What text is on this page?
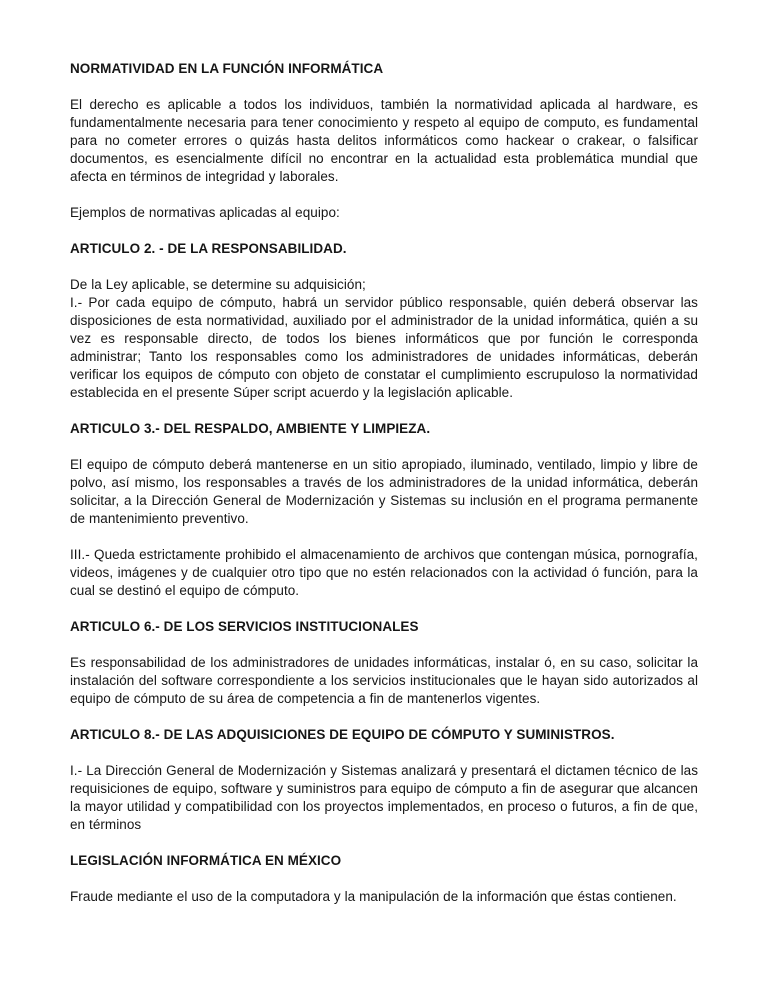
NORMATIVIDAD EN LA FUNCIÓN INFORMÁTICA

El derecho es aplicable a todos los individuos, también la normatividad aplicada al hardware, es fundamentalmente necesaria para tener conocimiento y respeto al equipo de computo, es fundamental para no cometer errores o quizás hasta delitos informáticos como hackear o crakear, o falsificar documentos, es esencialmente difícil no encontrar en la actualidad esta problemática mundial que afecta en términos de integridad y laborales.

Ejemplos de normativas aplicadas al equipo:

ARTICULO 2. - DE LA RESPONSABILIDAD.

De la Ley aplicable, se determine su adquisición;

I.- Por cada equipo de cómputo, habrá un servidor público responsable, quién deberá observar las disposiciones de esta normatividad, auxiliado por el administrador de la unidad informática, quién a su vez es responsable directo, de todos los bienes informáticos que por función le corresponda administrar; Tanto los responsables como los administradores de unidades informáticas, deberán verificar los equipos de cómputo con objeto de constatar el cumplimiento escrupuloso la normatividad establecida en el presente Súper script acuerdo y la legislación aplicable.

ARTICULO 3.- DEL RESPALDO, AMBIENTE Y LIMPIEZA.

El equipo de cómputo deberá mantenerse en un sitio apropiado, iluminado, ventilado, limpio y libre de polvo, así mismo, los responsables a través de los administradores de la unidad informática, deberán solicitar, a la Dirección General de Modernización y Sistemas su inclusión en el programa permanente de mantenimiento preventivo.

III.- Queda estrictamente prohibido el almacenamiento de archivos que contengan música, pornografía, videos, imágenes y de cualquier otro tipo que no estén relacionados con la actividad ó función, para la cual se destinó el equipo de cómputo.

ARTICULO 6.- DE LOS SERVICIOS INSTITUCIONALES

Es responsabilidad de los administradores de unidades informáticas, instalar ó, en su caso, solicitar la instalación del software correspondiente a los servicios institucionales que le hayan sido autorizados al equipo de cómputo de su área de competencia a fin de mantenerlos vigentes.

ARTICULO 8.- DE LAS ADQUISICIONES DE EQUIPO DE CÓMPUTO Y SUMINISTROS.

I.- La Dirección General de Modernización y Sistemas analizará y presentará el dictamen técnico de las requisiciones de equipo, software y suministros para equipo de cómputo a fin de asegurar que alcancen la mayor utilidad y compatibilidad con los proyectos implementados, en proceso o futuros, a fin de que, en términos

LEGISLACIÓN INFORMÁTICA EN MÉXICO

Fraude mediante el uso de la computadora y la manipulación de la información que éstas contienen.
